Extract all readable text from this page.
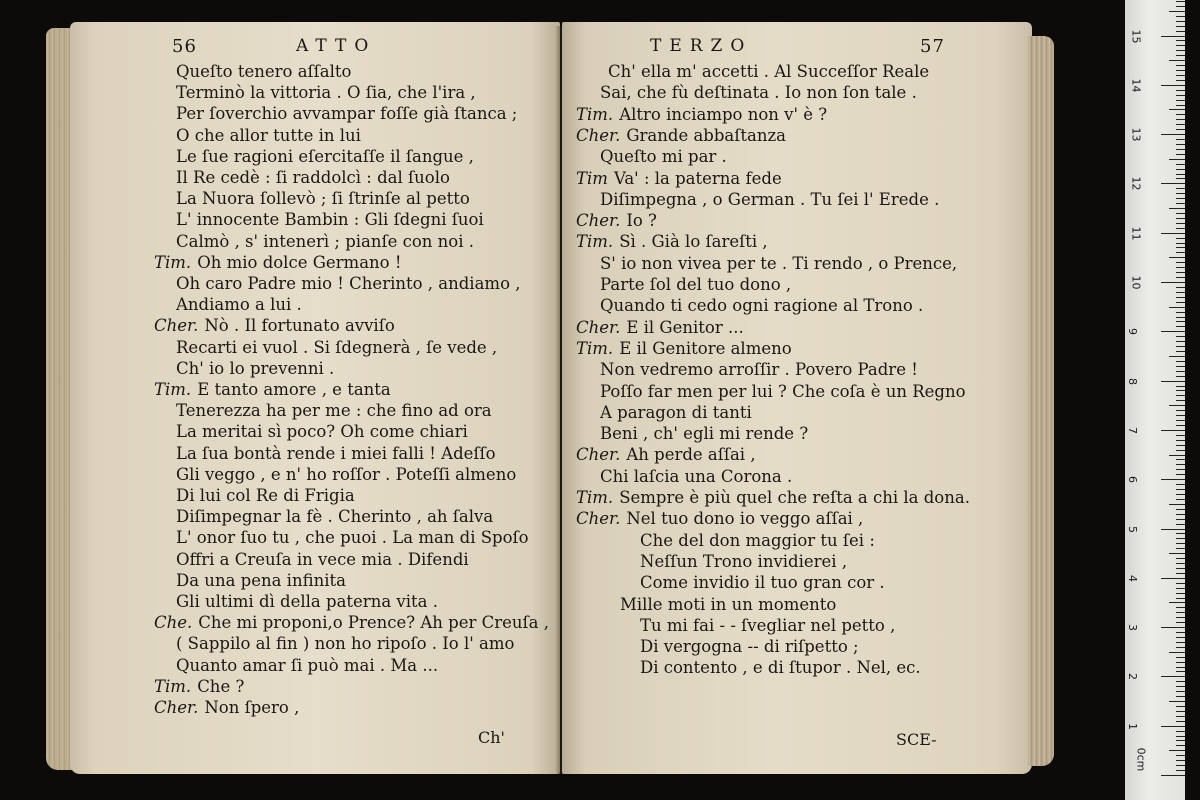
56	ATTO
Queſto tenero aſſalto
Terminò la vittoria . O ſia, che l'ira ,
Per ſoverchio avvampar foſſe già ſtanca ;
O che allor tutte in lui
Le ſue ragioni eſercitaſſe il ſangue ,
Il Re cedè : ſi raddolcì : dal ſuolo
La Nuora ſollevò ; ſi ſtrinſe al petto
L' innocente Bambin : Gli ſdegni ſuoi
Calmò , s' intenerì ; pianſe con noi .
Tim. Oh mio dolce Germano !
Oh caro Padre mio ! Cherinto , andiamo ,
Andiamo a lui .
Cher. Nò . Il fortunato avviſo
Recarti ei vuol . Si ſdegnerà , ſe vede ,
Ch' io lo prevenni .
Tim. E tanto amore , e tanta
Tenerezza ha per me : che fino ad ora
La meritai sì poco? Oh come chiari
La ſua bontà rende i miei falli ! Adeſſo
Gli veggo , e n' ho roſſor . Poteſſi almeno
Di lui col Re di Frigia
Diſimpegnar la fè . Cherinto , ah ſalva
L' onor ſuo tu , che puoi . La man di Spoſo
Offri a Creuſa in vece mia . Difendi
Da una pena infinita
Gli ultimi dì della paterna vita .
Che. Che mi proponi,o Prence? Ah per Creuſa ,
( Sappilo al fin ) non ho ripoſo . Io l' amo
Quanto amar ſi può mai . Ma ...
Tim. Che ?
Cher. Non ſpero ,
Ch'
TERZO	57
Ch' ella m' accetti . Al Succeſſor Reale
Sai, che fù deſtinata . Io non ſon tale .
Tim. Altro inciampo non v' è ?
Cher. Grande abbaſtanza
Queſto mi par .
Tim Va' : la paterna fede
Diſimpegna , o German . Tu ſei l' Erede .
Cher. Io ?
Tim. Sì . Già lo ſareſti ,
S' io non vivea per te . Ti rendo , o Prence,
Parte ſol del tuo dono ,
Quando ti cedo ogni ragione al Trono .
Cher. E il Genitor ...
Tim. E il Genitore almeno
Non vedremo arroſſir . Povero Padre !
Poſſo far men per lui ? Che coſa è un Regno
A paragon di tanti
Beni , ch' egli mi rende ?
Cher. Ah perde aſſai ,
Chi laſcia una Corona .
Tim. Sempre è più quel che reſta a chi la dona.
Cher. Nel tuo dono io veggo aſſai ,
Che del don maggior tu ſei :
Neſſun Trono invidierei ,
Come invidio il tuo gran cor .
Mille moti in un momento
Tu mi fai - - ſvegliar nel petto ,
Di vergogna -- di riſpetto ;
Di contento , e di ſtupor . Nel, ec.
SCE-
0cm
1
2
3
4
5
6
7
8
9
10
11
12
13
14
15
